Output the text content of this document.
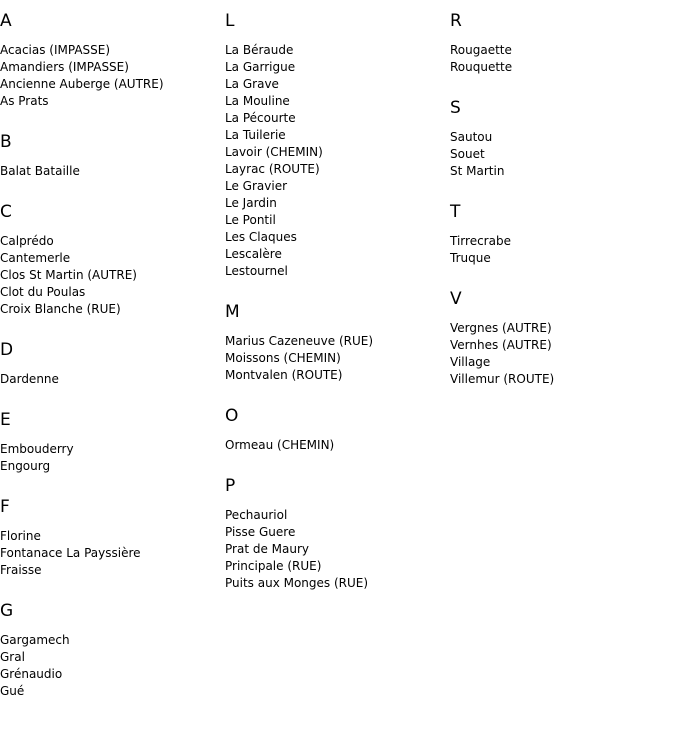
A
Acacias (IMPASSE)
Amandiers (IMPASSE)
Ancienne Auberge (AUTRE)
As Prats
B
Balat Bataille
C
Calprédo
Cantemerle
Clos St Martin (AUTRE)
Clot du Poulas
Croix Blanche (RUE)
D
Dardenne
E
Embouderry
Engourg
F
Florine
Fontanace La Payssière
Fraisse
G
Gargamech
Gral
Grénaudio
Gué
L
La Béraude
La Garrigue
La Grave
La Mouline
La Pécourte
La Tuilerie
Lavoir (CHEMIN)
Layrac (ROUTE)
Le Gravier
Le Jardin
Le Pontil
Les Claques
Lescalère
Lestournel
M
Marius Cazeneuve (RUE)
Moissons (CHEMIN)
Montvalen (ROUTE)
O
Ormeau (CHEMIN)
P
Pechauriol
Pisse Guere
Prat de Maury
Principale (RUE)
Puits aux Monges (RUE)
R
Rougaette
Rouquette
S
Sautou
Souet
St Martin
T
Tirrecrabe
Truque
V
Vergnes (AUTRE)
Vernhes (AUTRE)
Village
Villemur (ROUTE)
